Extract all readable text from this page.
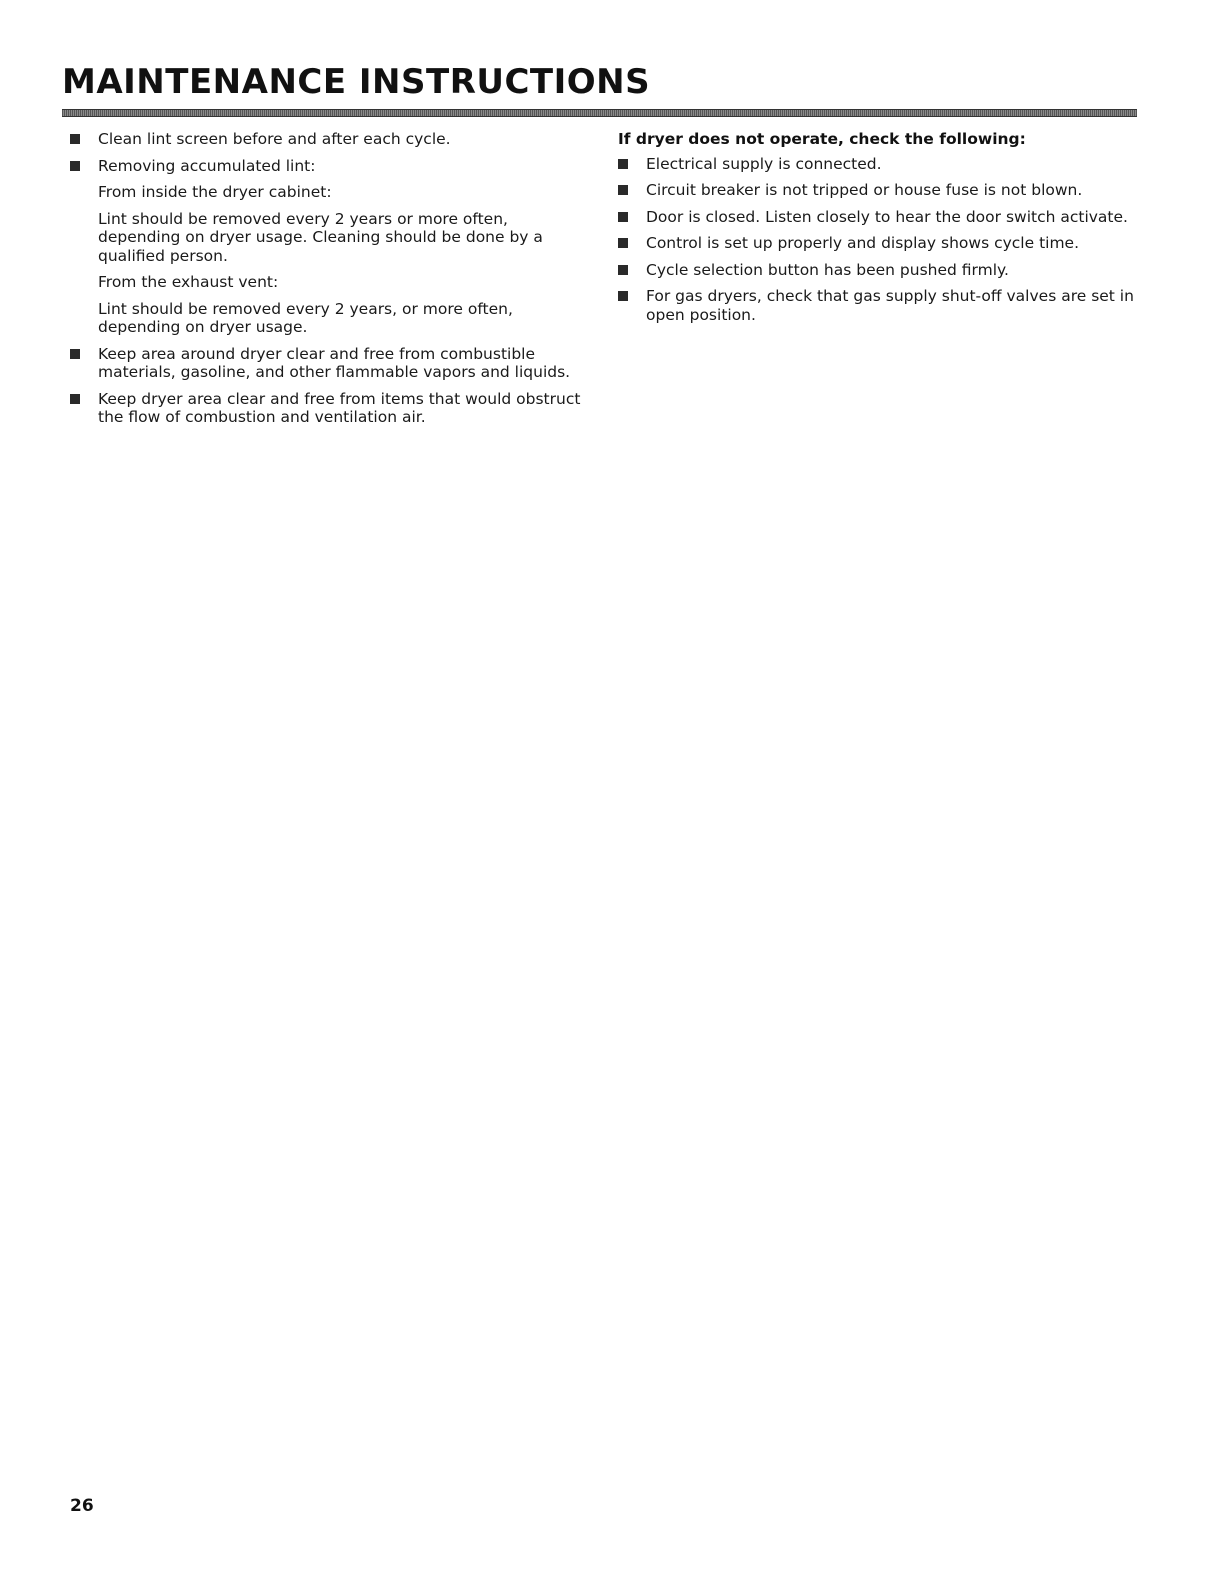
MAINTENANCE INSTRUCTIONS
Clean lint screen before and after each cycle.
Removing accumulated lint:
From inside the dryer cabinet:
Lint should be removed every 2 years or more often, depending on dryer usage. Cleaning should be done by a qualified person.
From the exhaust vent:
Lint should be removed every 2 years, or more often, depending on dryer usage.
Keep area around dryer clear and free from combustible materials, gasoline, and other flammable vapors and liquids.
Keep dryer area clear and free from items that would obstruct the flow of combustion and ventilation air.
If dryer does not operate, check the following:
Electrical supply is connected.
Circuit breaker is not tripped or house fuse is not blown.
Door is closed. Listen closely to hear the door switch activate.
Control is set up properly and display shows cycle time.
Cycle selection button has been pushed firmly.
For gas dryers, check that gas supply shut-off valves are set in open position.
26
